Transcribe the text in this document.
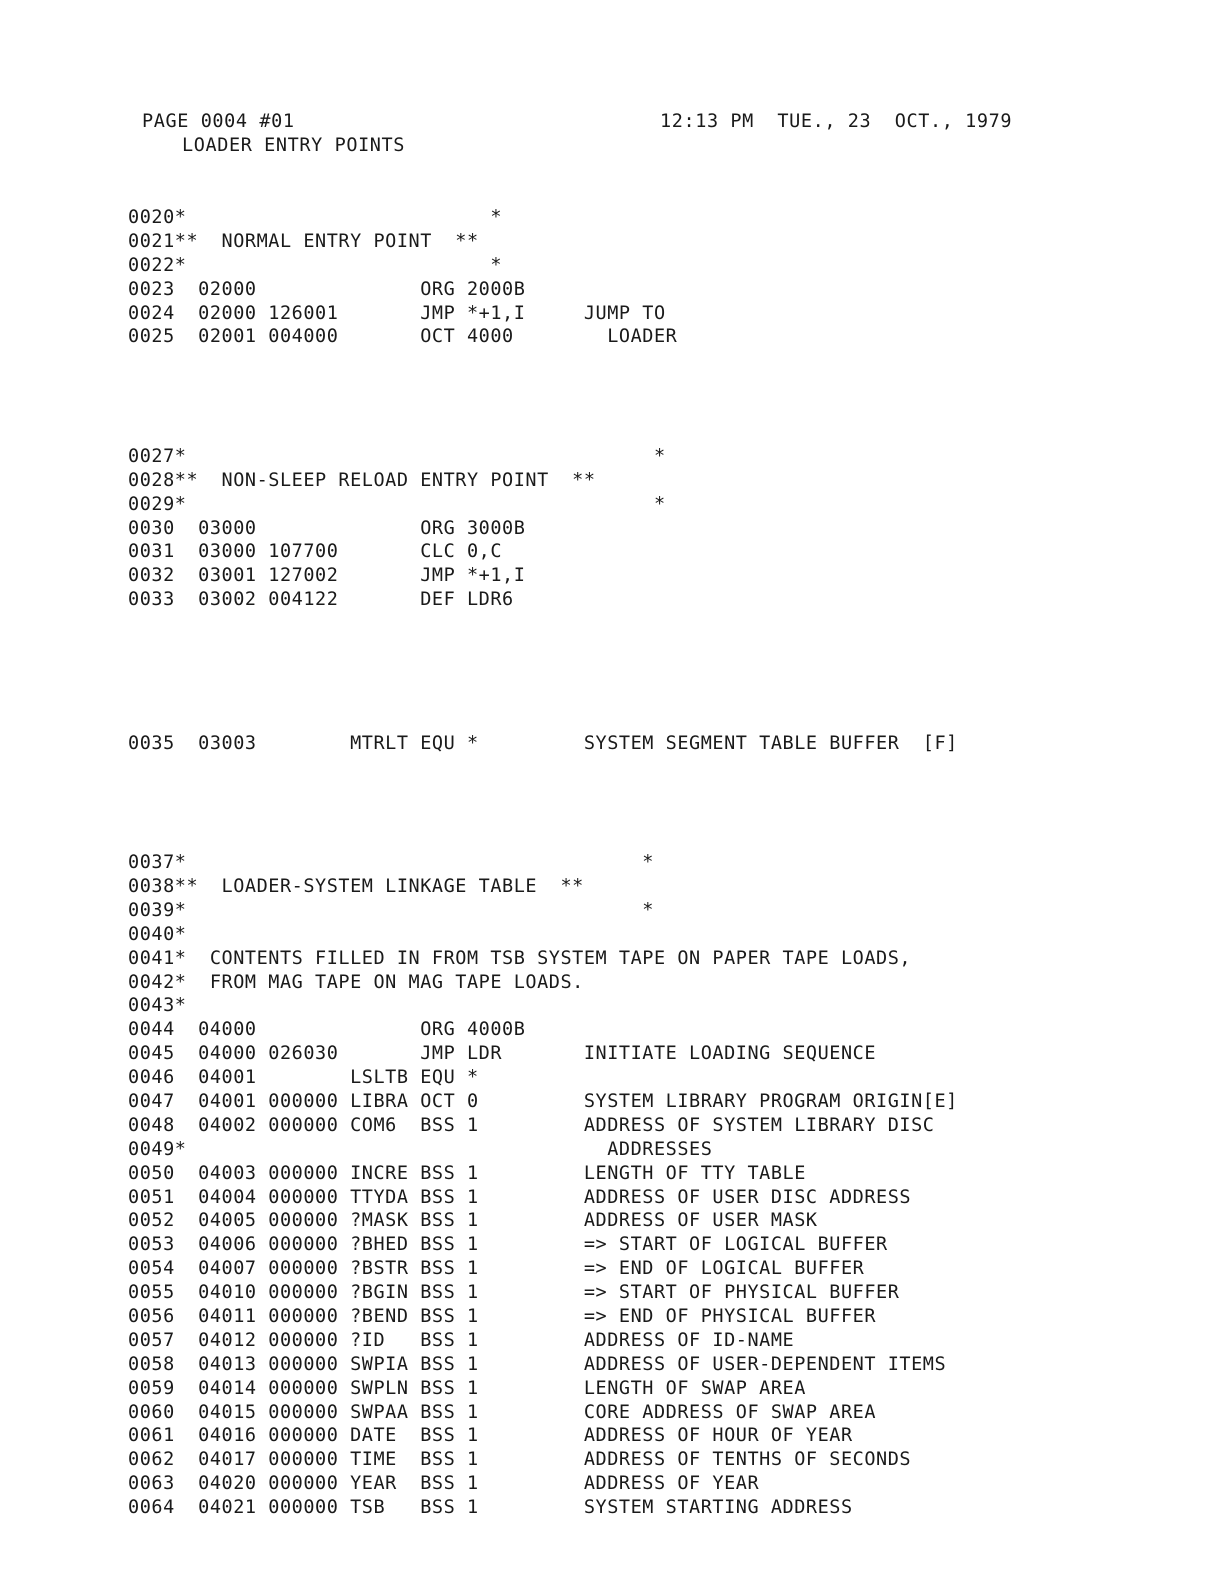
PAGE 0004 #01	12:13 PM  TUE., 23  OCT., 1979
LOADER ENTRY POINTS
0020*                          *
0021**  NORMAL ENTRY POINT  **
0022*                          *
0023  02000              ORG 2000B
0024  02000 126001       JMP *+1,I     JUMP TO
0025  02001 004000       OCT 4000        LOADER
0027*                                        *
0028**  NON-SLEEP RELOAD ENTRY POINT  **
0029*                                        *
0030  03000              ORG 3000B
0031  03000 107700       CLC 0,C
0032  03001 127002       JMP *+1,I
0033  03002 004122       DEF LDR6
0035  03003        MTRLT EQU *         SYSTEM SEGMENT TABLE BUFFER  [F]
0037*                                       *
0038**  LOADER-SYSTEM LINKAGE TABLE  **
0039*                                       *
0040*
0041*  CONTENTS FILLED IN FROM TSB SYSTEM TAPE ON PAPER TAPE LOADS,
0042*  FROM MAG TAPE ON MAG TAPE LOADS.
0043*
0044  04000              ORG 4000B
0045  04000 026030       JMP LDR       INITIATE LOADING SEQUENCE
0046  04001        LSLTB EQU *
0047  04001 000000 LIBRA OCT 0         SYSTEM LIBRARY PROGRAM ORIGIN[E]
0048  04002 000000 COM6  BSS 1         ADDRESS OF SYSTEM LIBRARY DISC
0049*                                    ADDRESSES
0050  04003 000000 INCRE BSS 1         LENGTH OF TTY TABLE
0051  04004 000000 TTYDA BSS 1         ADDRESS OF USER DISC ADDRESS
0052  04005 000000 ?MASK BSS 1         ADDRESS OF USER MASK
0053  04006 000000 ?BHED BSS 1         => START OF LOGICAL BUFFER
0054  04007 000000 ?BSTR BSS 1         => END OF LOGICAL BUFFER
0055  04010 000000 ?BGIN BSS 1         => START OF PHYSICAL BUFFER
0056  04011 000000 ?BEND BSS 1         => END OF PHYSICAL BUFFER
0057  04012 000000 ?ID   BSS 1         ADDRESS OF ID-NAME
0058  04013 000000 SWPIA BSS 1         ADDRESS OF USER-DEPENDENT ITEMS
0059  04014 000000 SWPLN BSS 1         LENGTH OF SWAP AREA
0060  04015 000000 SWPAA BSS 1         CORE ADDRESS OF SWAP AREA
0061  04016 000000 DATE  BSS 1         ADDRESS OF HOUR OF YEAR
0062  04017 000000 TIME  BSS 1         ADDRESS OF TENTHS OF SECONDS
0063  04020 000000 YEAR  BSS 1         ADDRESS OF YEAR
0064  04021 000000 TSB   BSS 1         SYSTEM STARTING ADDRESS
